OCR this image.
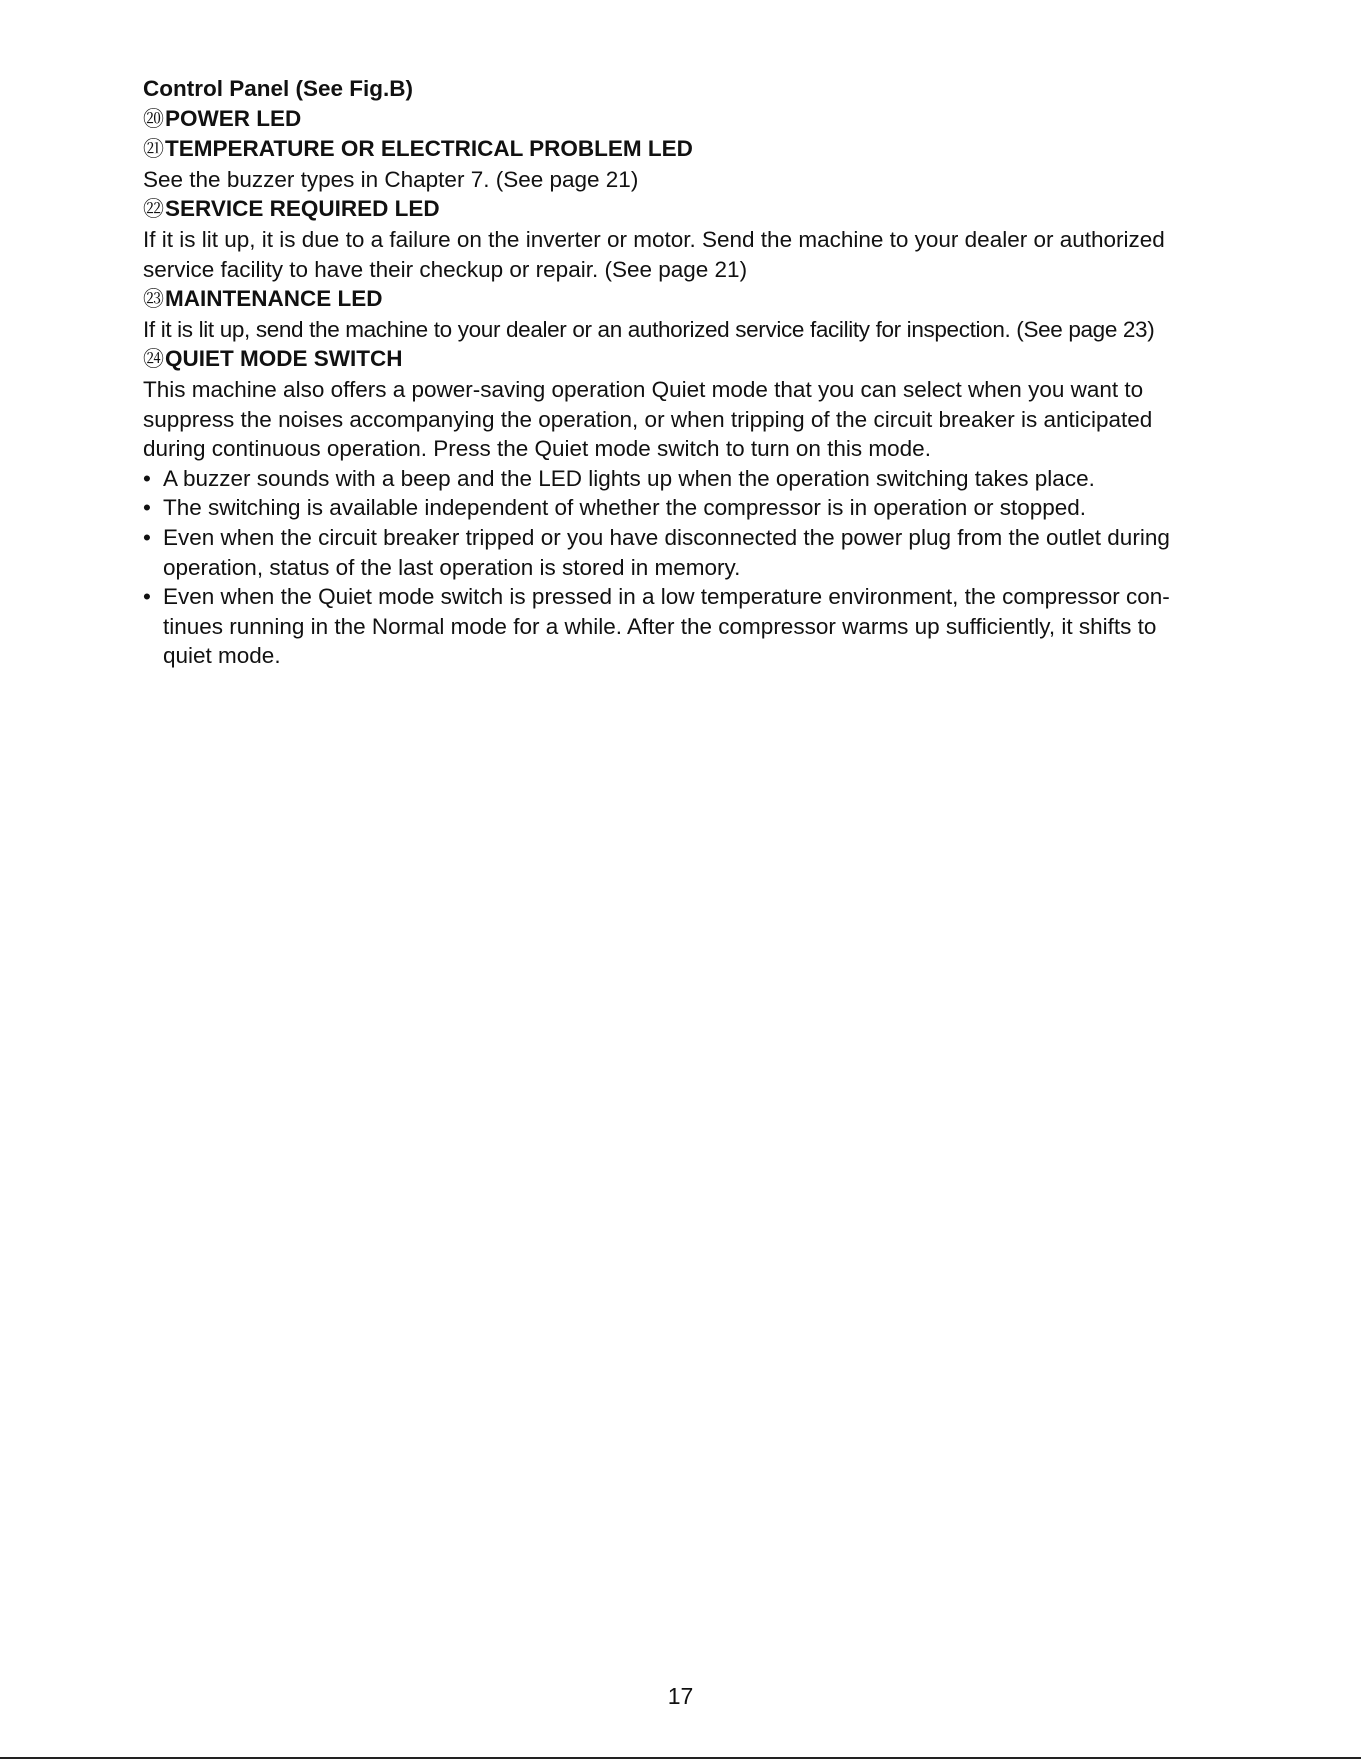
Control Panel (See Fig.B)
⑳POWER LED
㉑TEMPERATURE OR ELECTRICAL PROBLEM LED
See the buzzer types in Chapter 7. (See page 21)
㉒SERVICE REQUIRED LED
If it is lit up, it is due to a failure on the inverter or motor. Send the machine to your dealer or authorized
service facility to have their checkup or repair. (See page 21)
㉓MAINTENANCE LED
If it is lit up, send the machine to your dealer or an authorized service facility for inspection. (See page 23)
㉔QUIET MODE SWITCH
This machine also offers a power-saving operation Quiet mode that you can select when you want to
suppress the noises accompanying the operation, or when tripping of the circuit breaker is anticipated
during continuous operation. Press the Quiet mode switch to turn on this mode.
• A buzzer sounds with a beep and the LED lights up when the operation switching takes place.
• The switching is available independent of whether the compressor is in operation or stopped.
• Even when the circuit breaker tripped or you have disconnected the power plug from the outlet during
operation, status of the last operation is stored in memory.
• Even when the Quiet mode switch is pressed in a low temperature environment, the compressor con-
tinues running in the Normal mode for a while. After the compressor warms up sufficiently, it shifts to
quiet mode.
17
